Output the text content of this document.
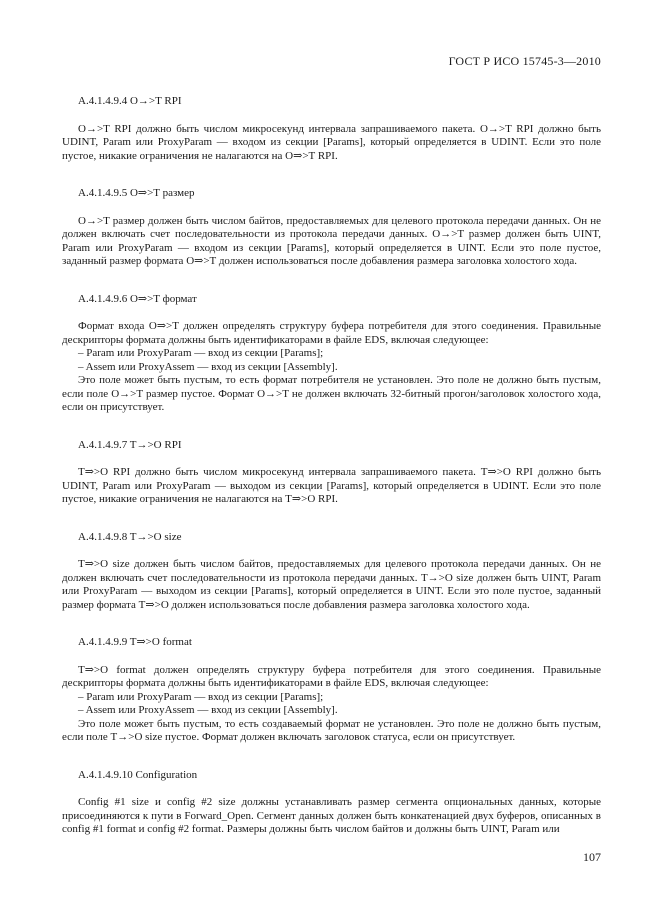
ГОСТ Р ИСО 15745-3—2010

A.4.1.4.9.4 O→>T RPI

O→>T RPI должно быть числом микросекунд интервала запрашиваемого пакета. O→>T RPI должно быть UDINT, Param или ProxyParam — входом из секции [Params], который определяется в UDINT. Если это поле пустое, никакие ограничения не налагаются на O⇒>T RPI.

A.4.1.4.9.5 O⇒>T размер

O→>T размер должен быть числом байтов, предоставляемых для целевого протокола передачи данных. Он не должен включать счет последовательности из протокола передачи данных. O→>T размер должен быть UINT, Param или ProxyParam — входом из секции [Params], который определяется в UINT. Если это поле пустое, заданный размер формата O⇒>T должен использоваться после добавления размера заголовка холостого хода.

A.4.1.4.9.6 O⇒>T формат

Формат входа O⇒>T должен определять структуру буфера потребителя для этого соединения. Правильные дескрипторы формата должны быть идентификаторами в файле EDS, включая следующее:

– Param или ProxyParam — вход из секции [Params];

– Assem или ProxyAssem — вход из секции [Assembly].

Это поле может быть пустым, то есть формат потребителя не установлен. Это поле не должно быть пустым, если поле O→>T размер пустое. Формат O→>T не должен включать 32-битный прогон/заголовок холостого хода, если он присутствует.

A.4.1.4.9.7 T→>O RPI

T⇒>O RPI должно быть числом микросекунд интервала запрашиваемого пакета. T⇒>O RPI должно быть UDINT, Param или ProxyParam — выходом из секции [Params], который определяется в UDINT. Если это поле пустое, никакие ограничения не налагаются на T⇒>O RPI.

A.4.1.4.9.8 T→>O size

T⇒>O size должен быть числом байтов, предоставляемых для целевого протокола передачи данных. Он не должен включать счет последовательности из протокола передачи данных. T→>O size должен быть UINT, Param или ProxyParam — выходом из секции [Params], который определяется в UINT. Если это поле пустое, заданный размер формата T⇒>O должен использоваться после добавления размера заголовка холостого хода.

A.4.1.4.9.9 T⇒>O format

T⇒>O format должен определять структуру буфера потребителя для этого соединения. Правильные дескрипторы формата должны быть идентификаторами в файле EDS, включая следующее:

– Param или ProxyParam — вход из секции [Params];

– Assem или ProxyAssem — вход из секции [Assembly].

Это поле может быть пустым, то есть создаваемый формат не установлен. Это поле не должно быть пустым, если поле T→>O size пустое. Формат должен включать заголовок статуса, если он присутствует.

A.4.1.4.9.10 Configuration

Config #1 size и config #2 size должны устанавливать размер сегмента опциональных данных, которые присоединяются к пути в Forward_Open. Сегмент данных должен быть конкатенацией двух буферов, описанных в config #1 format и config #2 format. Размеры должны быть числом байтов и должны быть UINT, Param или

107
